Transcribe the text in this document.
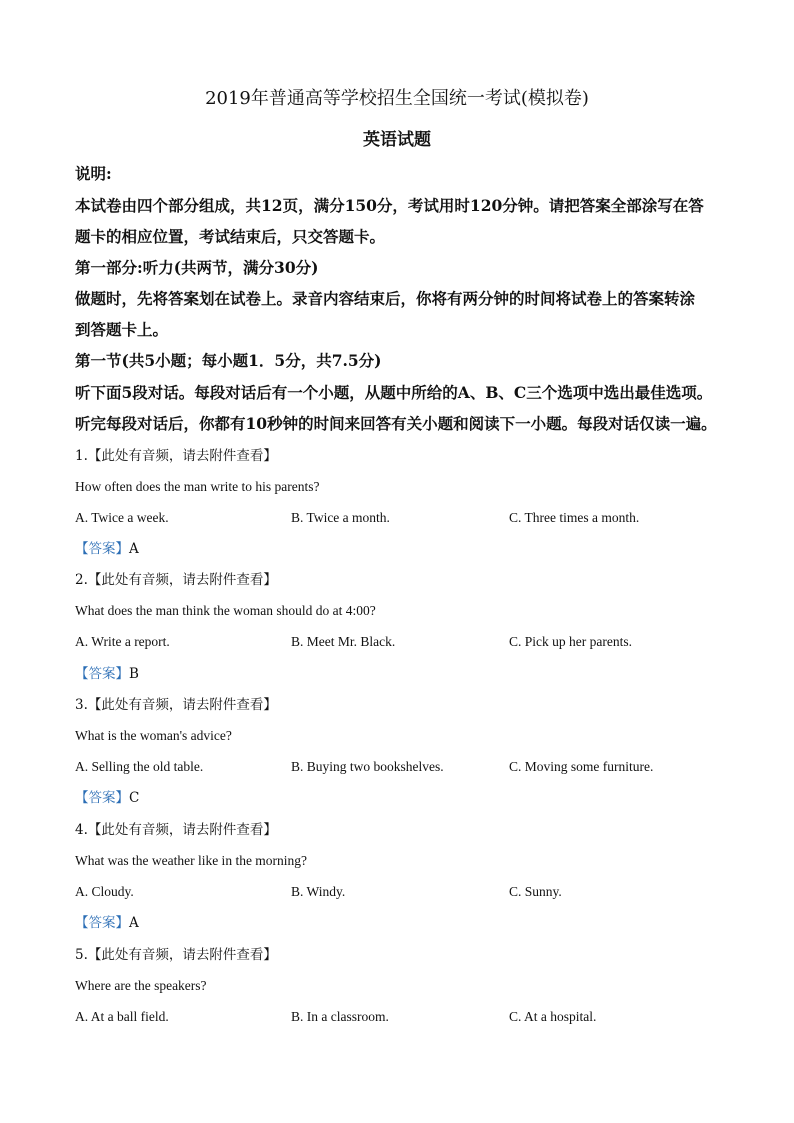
2019年普通高等学校招生全国统一考试(模拟卷)
英语试题
说明:
本试卷由四个部分组成，共12页，满分150分，考试用时120分钟。请把答案全部涂写在答
题卡的相应位置，考试结束后，只交答题卡。
第一部分:听力(共两节，满分30分)
做题时，先将答案划在试卷上。录音内容结束后，你将有两分钟的时间将试卷上的答案转涂
到答题卡上。
第一节(共5小题；每小题1．5分，共7.5分)
听下面5段对话。每段对话后有一个小题，从题中所给的A、B、C三个选项中选出最佳选项。
听完每段对话后，你都有10秒钟的时间来回答有关小题和阅读下一小题。每段对话仅读一遍。
1.【此处有音频，请去附件查看】
How often does the man write to his parents?
A. Twice a week.	B. Twice a month.	C. Three times a month.
【答案】A
2.【此处有音频，请去附件查看】
What does the man think the woman should do at 4:00?
A. Write a report.	B. Meet Mr. Black.	C. Pick up her parents.
【答案】B
3.【此处有音频，请去附件查看】
What is the woman's advice?
A. Selling the old table.	B. Buying two bookshelves.	C. Moving some furniture.
【答案】C
4.【此处有音频，请去附件查看】
What was the weather like in the morning?
A. Cloudy.	B. Windy.	C. Sunny.
【答案】A
5.【此处有音频，请去附件查看】
Where are the speakers?
A. At a ball field.	B. In a classroom.	C. At a hospital.
